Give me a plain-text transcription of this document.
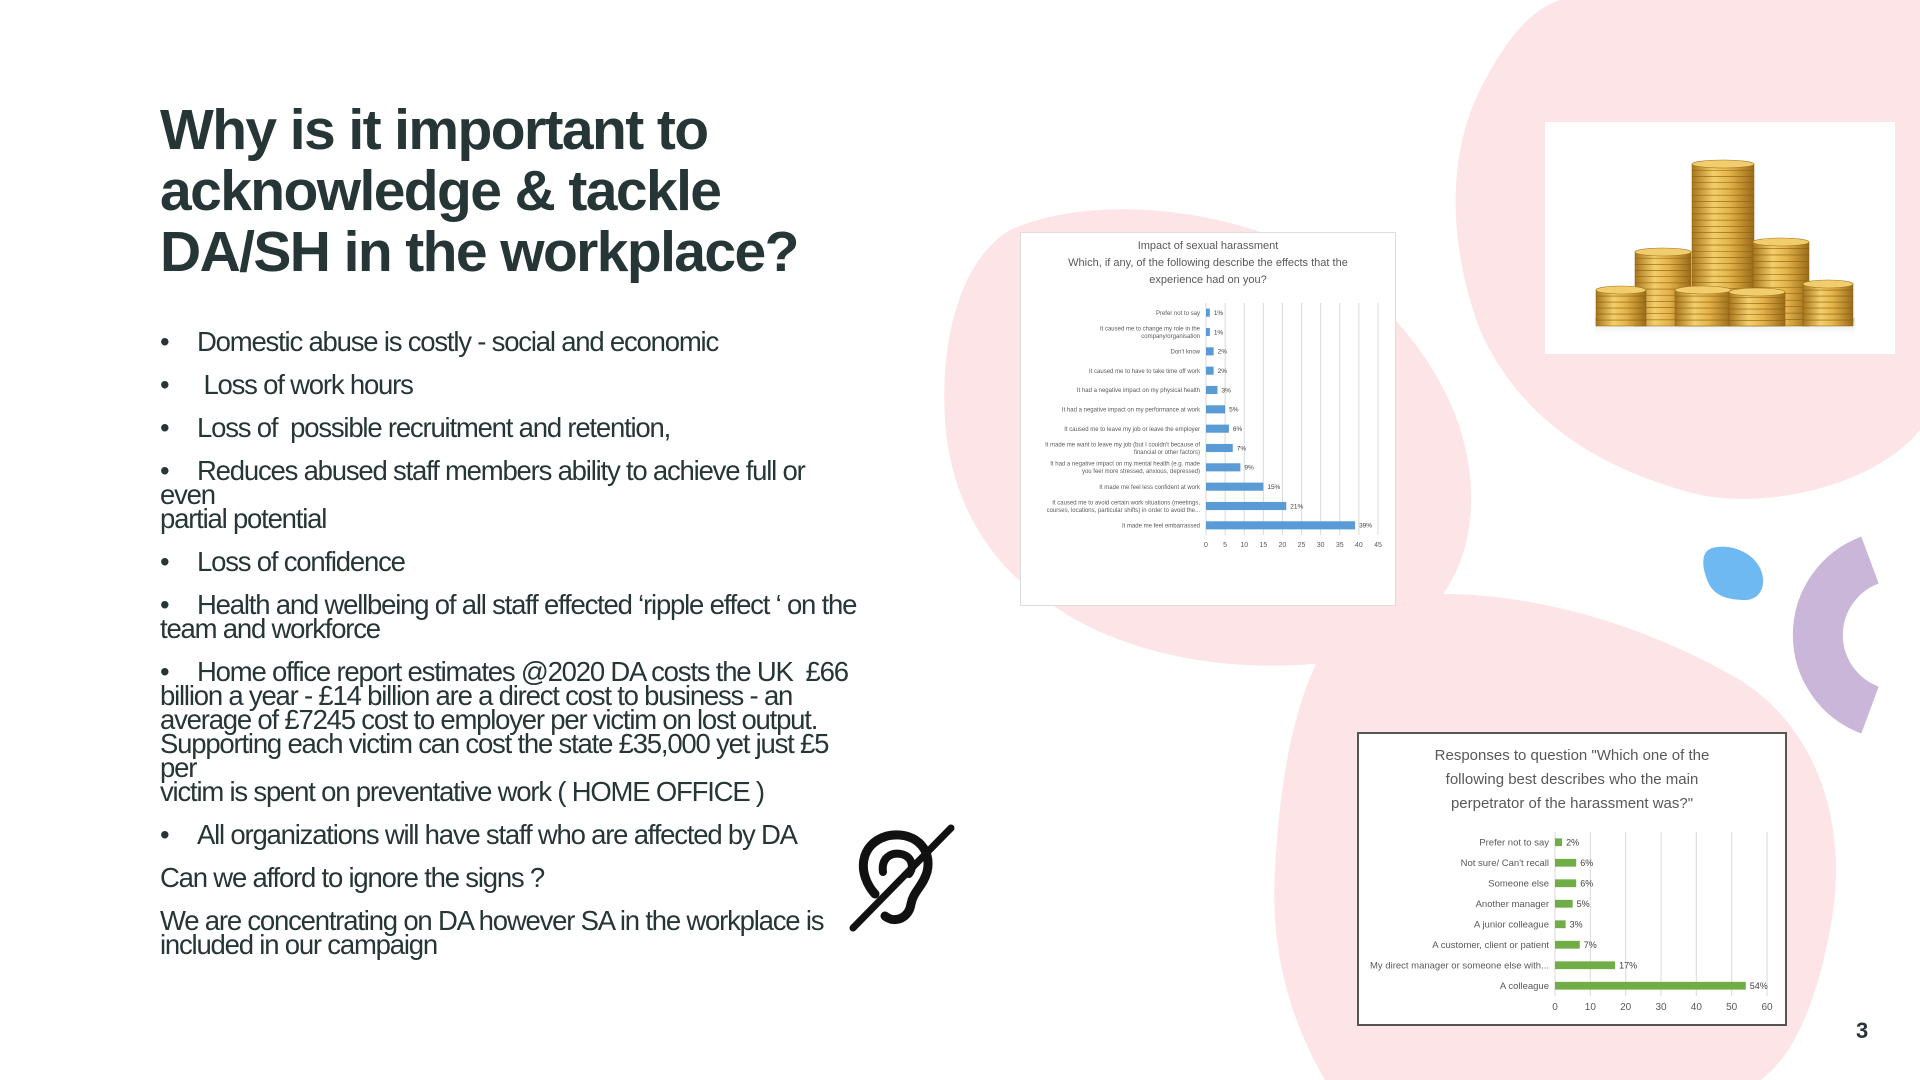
Why is it important to
acknowledge & tackle
DA/SH in the workplace?

• Domestic abuse is costly - social and economic

• Loss of work hours

• Loss of  possible recruitment and retention,

• Reduces abused staff members ability to achieve full or even
partial potential

• Loss of confidence

• Health and wellbeing of all staff effected ‘ripple effect ‘ on the
team and workforce

• Home office report estimates @2020 DA costs the UK  £66
billion a year - £14 billion are a direct cost to business - an
average of £7245 cost to employer per victim on lost output.
Supporting each victim can cost the state £35,000 yet just £5 per
victim is spent on preventative work ( HOME OFFICE )

• All organizations will have staff who are affected by DA

Can we afford to ignore the signs ?

We are concentrating on DA however SA in the workplace is
included in our campaign

Impact of sexual harassment
Which, if any, of the following describe the effects that the
experience had on you?
0 5 10 15 20 25 30 35 40 45
1%
Prefer not to say
1%
It caused me to change my role in the
company/organisation
2%
Don't know
2%
It caused me to have to take time off work
3%
It had a negative impact on my physical health
5%
It had a negative impact on my performance at work
6%
It caused me to leave my job or leave the employer
7%
It made me want to leave my job (but I couldn't because of
financial or other factors)
9%
It had a negative impact on my mental health (e.g. made
you feel more stressed, anxious, depressed)
15%
It made me feel less confident at work
21%
It caused me to avoid certain work situations (meetings,
courses, locations, particular shifts) in order to avoid the...
39%
It made me feel embarrassed
Responses to question "Which one of the
following best describes who the main
perpetrator of the harassment was?"
0	10 20 30 40 50 60
2%
Prefer not to say
6%
Not sure/ Can't recall
6%
Someone else
5%
Another manager
3%
A junior colleague
7%
A customer, client or patient
17%
My direct manager or someone else with...
54%
A colleague
3
